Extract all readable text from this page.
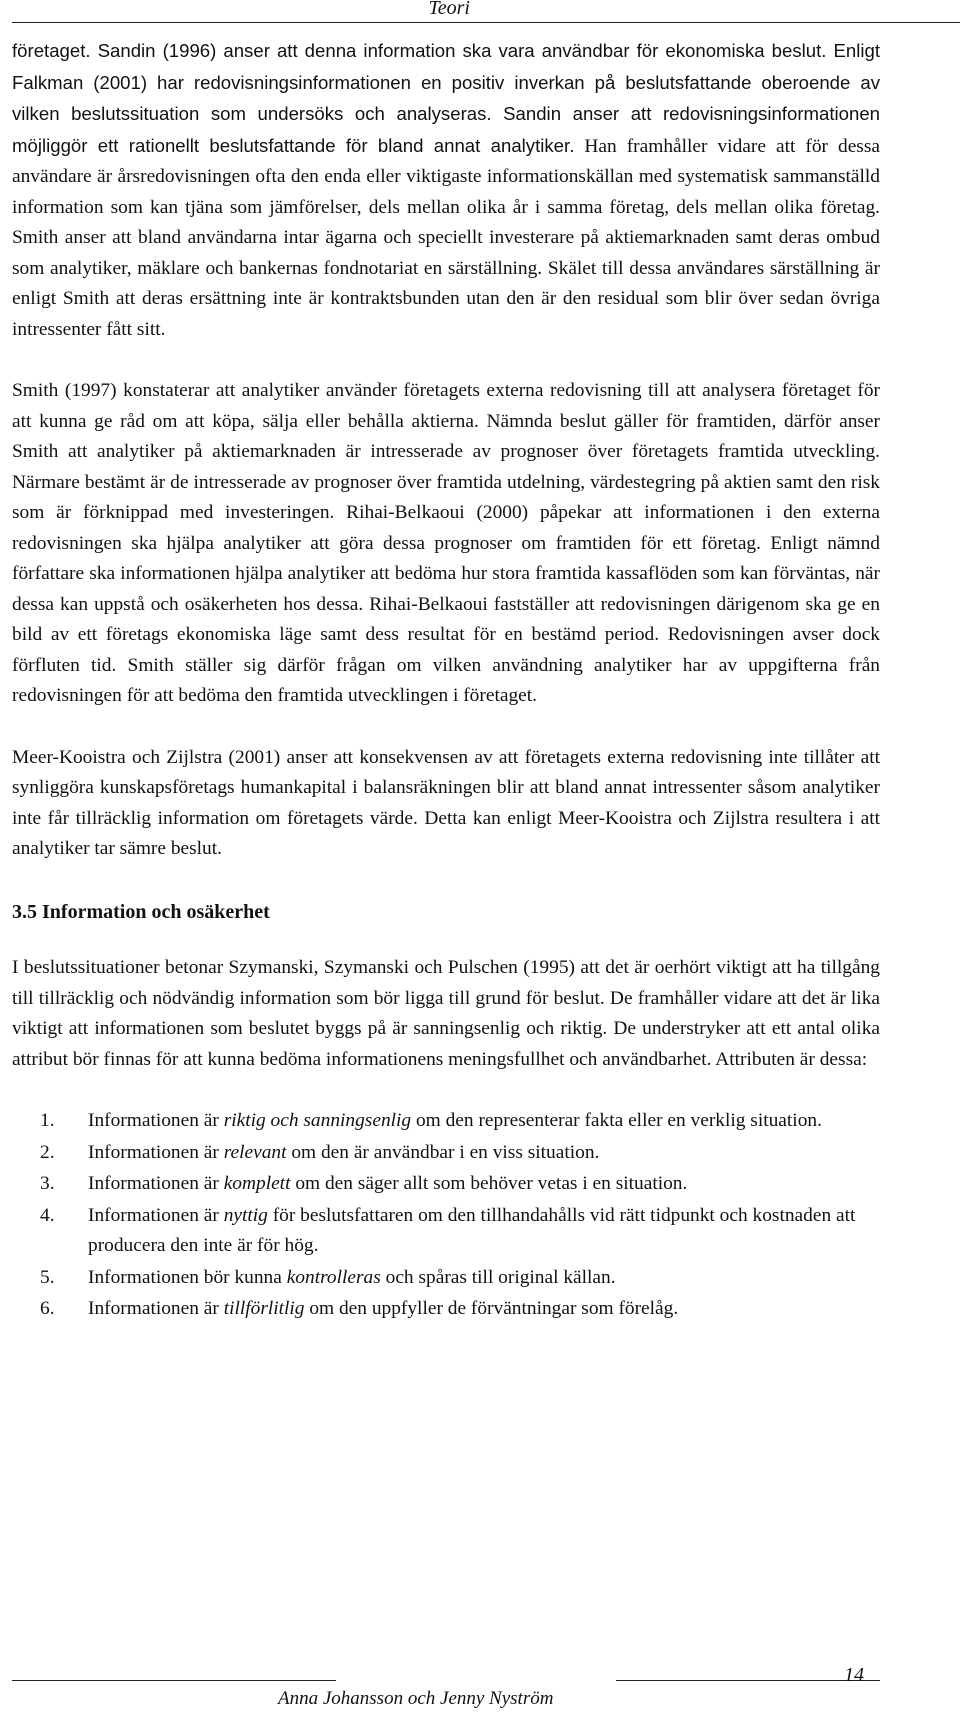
Teori

företaget. Sandin (1996) anser att denna information ska vara användbar för ekonomiska beslut. Enligt Falkman (2001) har redovisningsinformationen en positiv inverkan på beslutsfattande oberoende av vilken beslutssituation som undersöks och analyseras. Sandin anser att redovisningsinformationen möjliggör ett rationellt beslutsfattande för bland annat analytiker. Han framhåller vidare att för dessa användare är årsredovisningen ofta den enda eller viktigaste informationskällan med systematisk sammanställd information som kan tjäna som jämförelser, dels mellan olika år i samma företag, dels mellan olika företag. Smith anser att bland användarna intar ägarna och speciellt investerare på aktiemarknaden samt deras ombud som analytiker, mäklare och bankernas fondnotariat en särställning. Skälet till dessa användares särställning är enligt Smith att deras ersättning inte är kontraktsbunden utan den är den residual som blir över sedan övriga intressenter fått sitt.

Smith (1997) konstaterar att analytiker använder företagets externa redovisning till att analysera företaget för att kunna ge råd om att köpa, sälja eller behålla aktierna. Nämnda beslut gäller för framtiden, därför anser Smith att analytiker på aktiemarknaden är intresserade av prognoser över företagets framtida utveckling. Närmare bestämt är de intresserade av prognoser över framtida utdelning, värdestegring på aktien samt den risk som är förknippad med investeringen. Rihai-Belkaoui (2000) påpekar att informationen i den externa redovisningen ska hjälpa analytiker att göra dessa prognoser om framtiden för ett företag. Enligt nämnd författare ska informationen hjälpa analytiker att bedöma hur stora framtida kassaflöden som kan förväntas, när dessa kan uppstå och osäkerheten hos dessa. Rihai-Belkaoui fastställer att redovisningen därigenom ska ge en bild av ett företags ekonomiska läge samt dess resultat för en bestämd period. Redovisningen avser dock förfluten tid. Smith ställer sig därför frågan om vilken användning analytiker har av uppgifterna från redovisningen för att bedöma den framtida utvecklingen i företaget.

Meer-Kooistra och Zijlstra (2001) anser att konsekvensen av att företagets externa redovisning inte tillåter att synliggöra kunskapsföretags humankapital i balansräkningen blir att bland annat intressenter såsom analytiker inte får tillräcklig information om företagets värde. Detta kan enligt Meer-Kooistra och Zijlstra resultera i att analytiker tar sämre beslut.

3.5 Information och osäkerhet

I beslutssituationer betonar Szymanski, Szymanski och Pulschen (1995) att det är oerhört viktigt att ha tillgång till tillräcklig och nödvändig information som bör ligga till grund för beslut. De framhåller vidare att det är lika viktigt att informationen som beslutet byggs på är sanningsenlig och riktig. De understryker att ett antal olika attribut bör finnas för att kunna bedöma informationens meningsfullhet och användbarhet. Attributen är dessa:

1. Informationen är riktig och sanningsenlig om den representerar fakta eller en verklig situation.
2. Informationen är relevant om den är användbar i en viss situation.
3. Informationen är komplett om den säger allt som behöver vetas i en situation.
4. Informationen är nyttig för beslutsfattaren om den tillhandahålls vid rätt tidpunkt och kostnaden att producera den inte är för hög.
5. Informationen bör kunna kontrolleras och spåras till original källan.
6. Informationen är tillförlitlig om den uppfyller de förväntningar som förelåg.
Anna Johansson och Jenny Nyström
14
